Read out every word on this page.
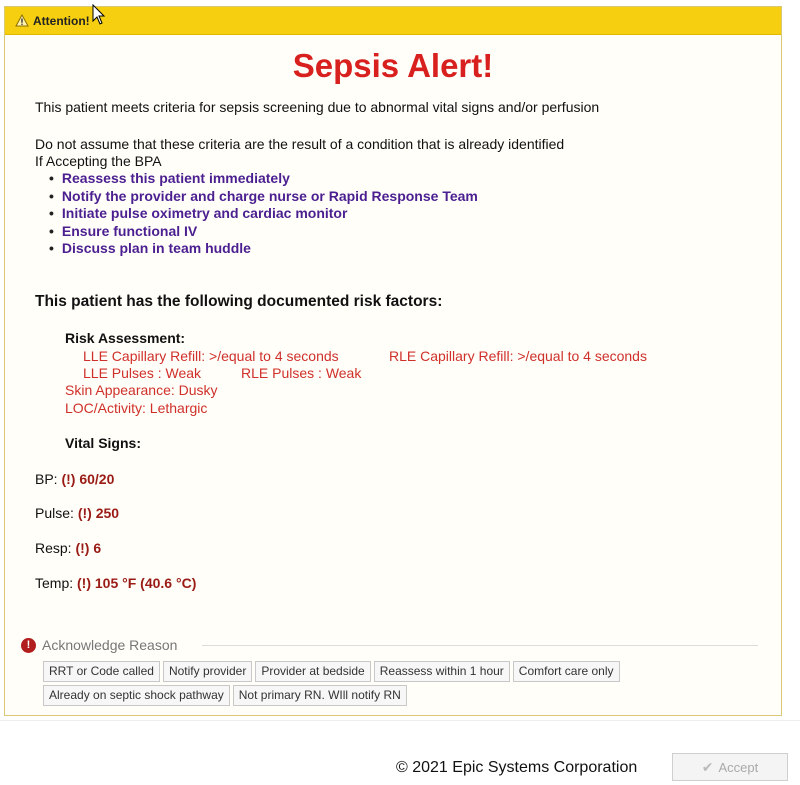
Attention!
Sepsis Alert!
This patient meets criteria for sepsis screening due to abnormal vital signs and/or perfusion
Do not assume that these criteria are the result of a condition that is already identified
If Accepting the BPA
• Reassess this patient immediately
• Notify the provider and charge nurse or Rapid Response Team
• Initiate pulse oximetry and cardiac monitor
• Ensure functional IV
• Discuss plan in team huddle
This patient has the following documented risk factors:
Risk Assessment:
LLE Capillary Refill: >/equal to 4 seconds	RLE Capillary Refill: >/equal to 4 seconds
LLE Pulses : Weak	RLE Pulses : Weak
Skin Appearance: Dusky
LOC/Activity: Lethargic
Vital Signs:
BP: (!) 60/20
Pulse: (!) 250
Resp: (!) 6
Temp: (!) 105 °F (40.6 °C)
! Acknowledge Reason
RRT or Code called	Notify provider	Provider at bedside	Reassess within 1 hour	Comfort care only
Already on septic shock pathway	Not primary RN. WIll notify RN
© 2021 Epic Systems Corporation	✔ Accept
